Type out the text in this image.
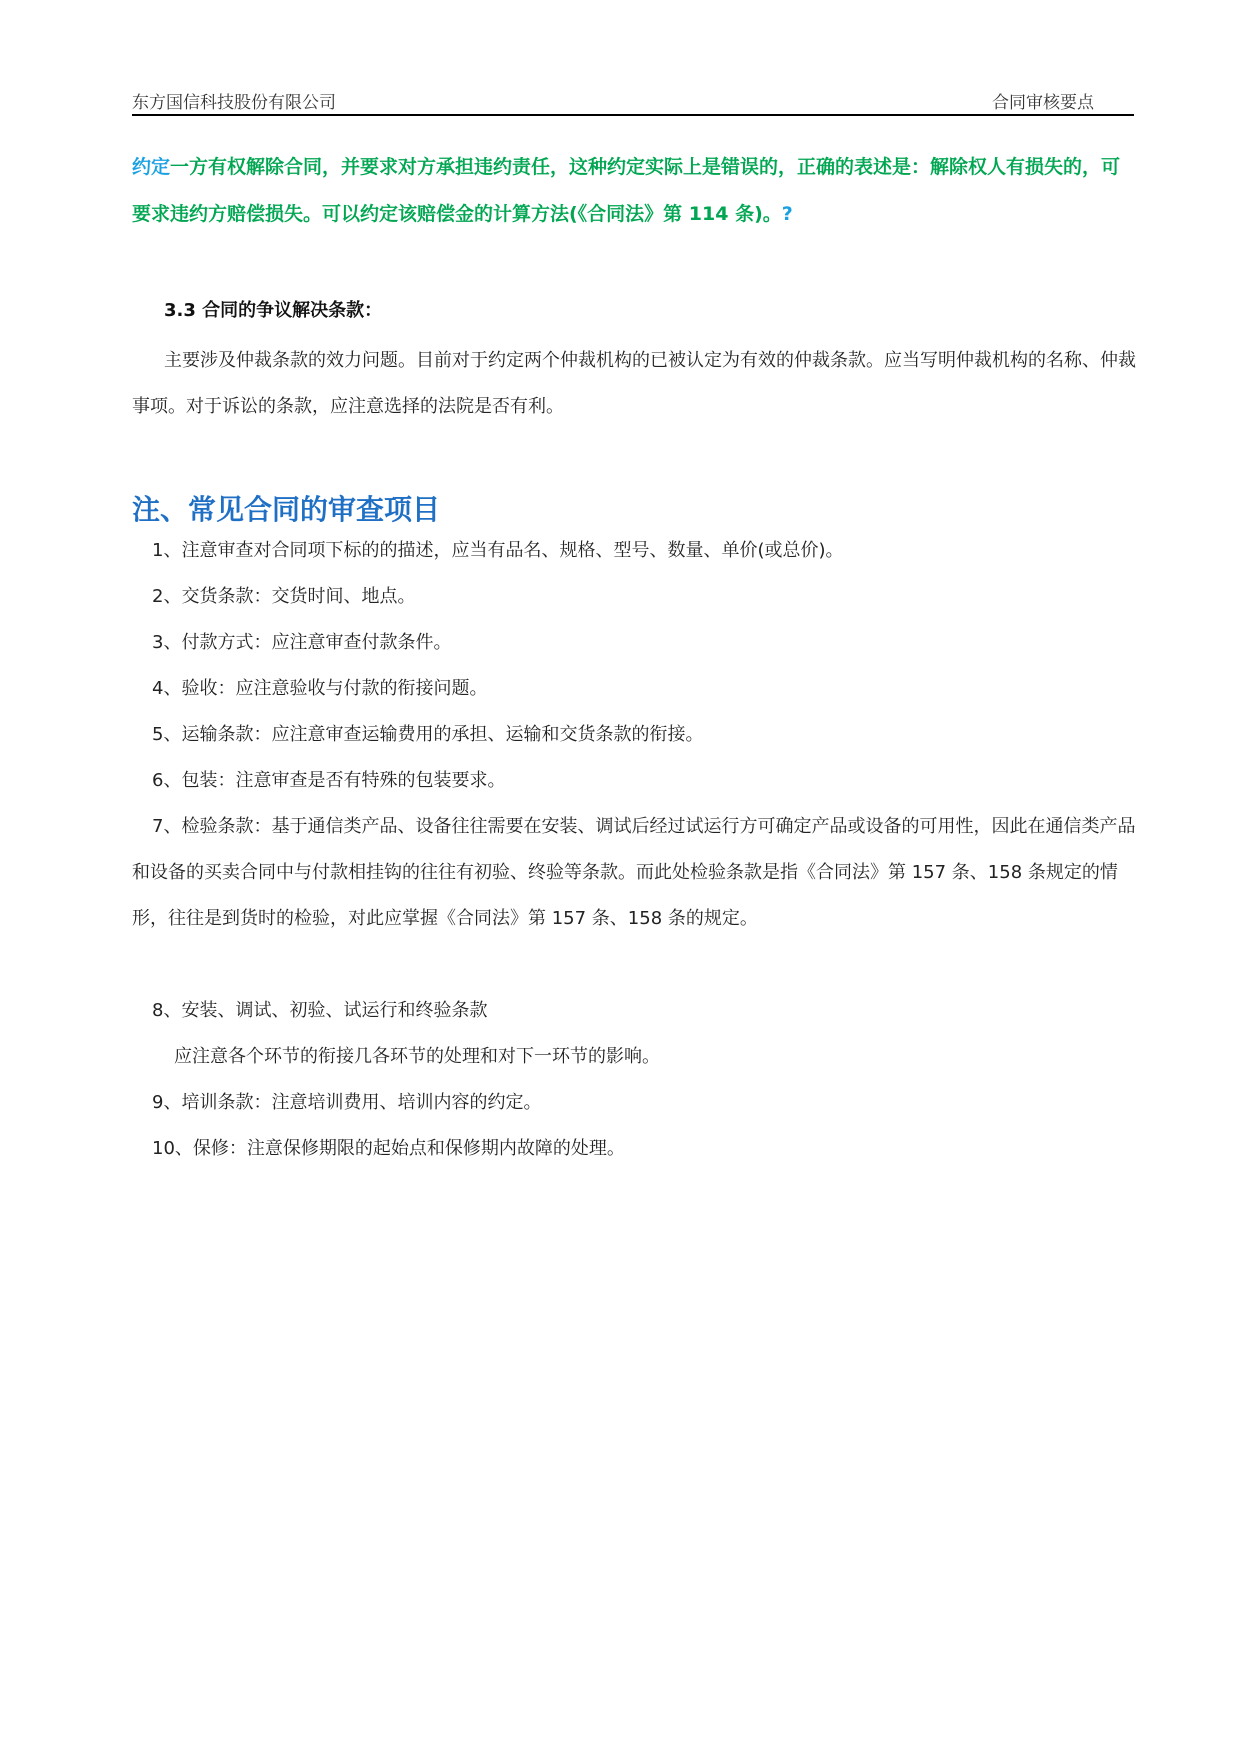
东方国信科技股份有限公司	合同审核要点
约定一方有权解除合同，并要求对方承担违约责任，这种约定实际上是错误的，正确的表述是：解除权人有损失的，可要求违约方赔偿损失。可以约定该赔偿金的计算方法(《合同法》第 114 条)。?
3.3 合同的争议解决条款：
主要涉及仲裁条款的效力问题。目前对于约定两个仲裁机构的已被认定为有效的仲裁条款。应当写明仲裁机构的名称、仲裁事项。对于诉讼的条款，应注意选择的法院是否有利。
注、常见合同的审查项目
1、注意审查对合同项下标的的描述，应当有品名、规格、型号、数量、单价(或总价)。
2、交货条款：交货时间、地点。
3、付款方式：应注意审查付款条件。
4、验收：应注意验收与付款的衔接问题。
5、运输条款：应注意审查运输费用的承担、运输和交货条款的衔接。
6、包装：注意审查是否有特殊的包装要求。
7、检验条款：基于通信类产品、设备往往需要在安装、调试后经过试运行方可确定产品或设备的可用性，因此在通信类产品和设备的买卖合同中与付款相挂钩的往往有初验、终验等条款。而此处检验条款是指《合同法》第 157 条、158 条规定的情形，往往是到货时的检验，对此应掌握《合同法》第 157 条、158 条的规定。
8、安装、调试、初验、试运行和终验条款
应注意各个环节的衔接几各环节的处理和对下一环节的影响。
9、培训条款：注意培训费用、培训内容的约定。
10、保修：注意保修期限的起始点和保修期内故障的处理。
